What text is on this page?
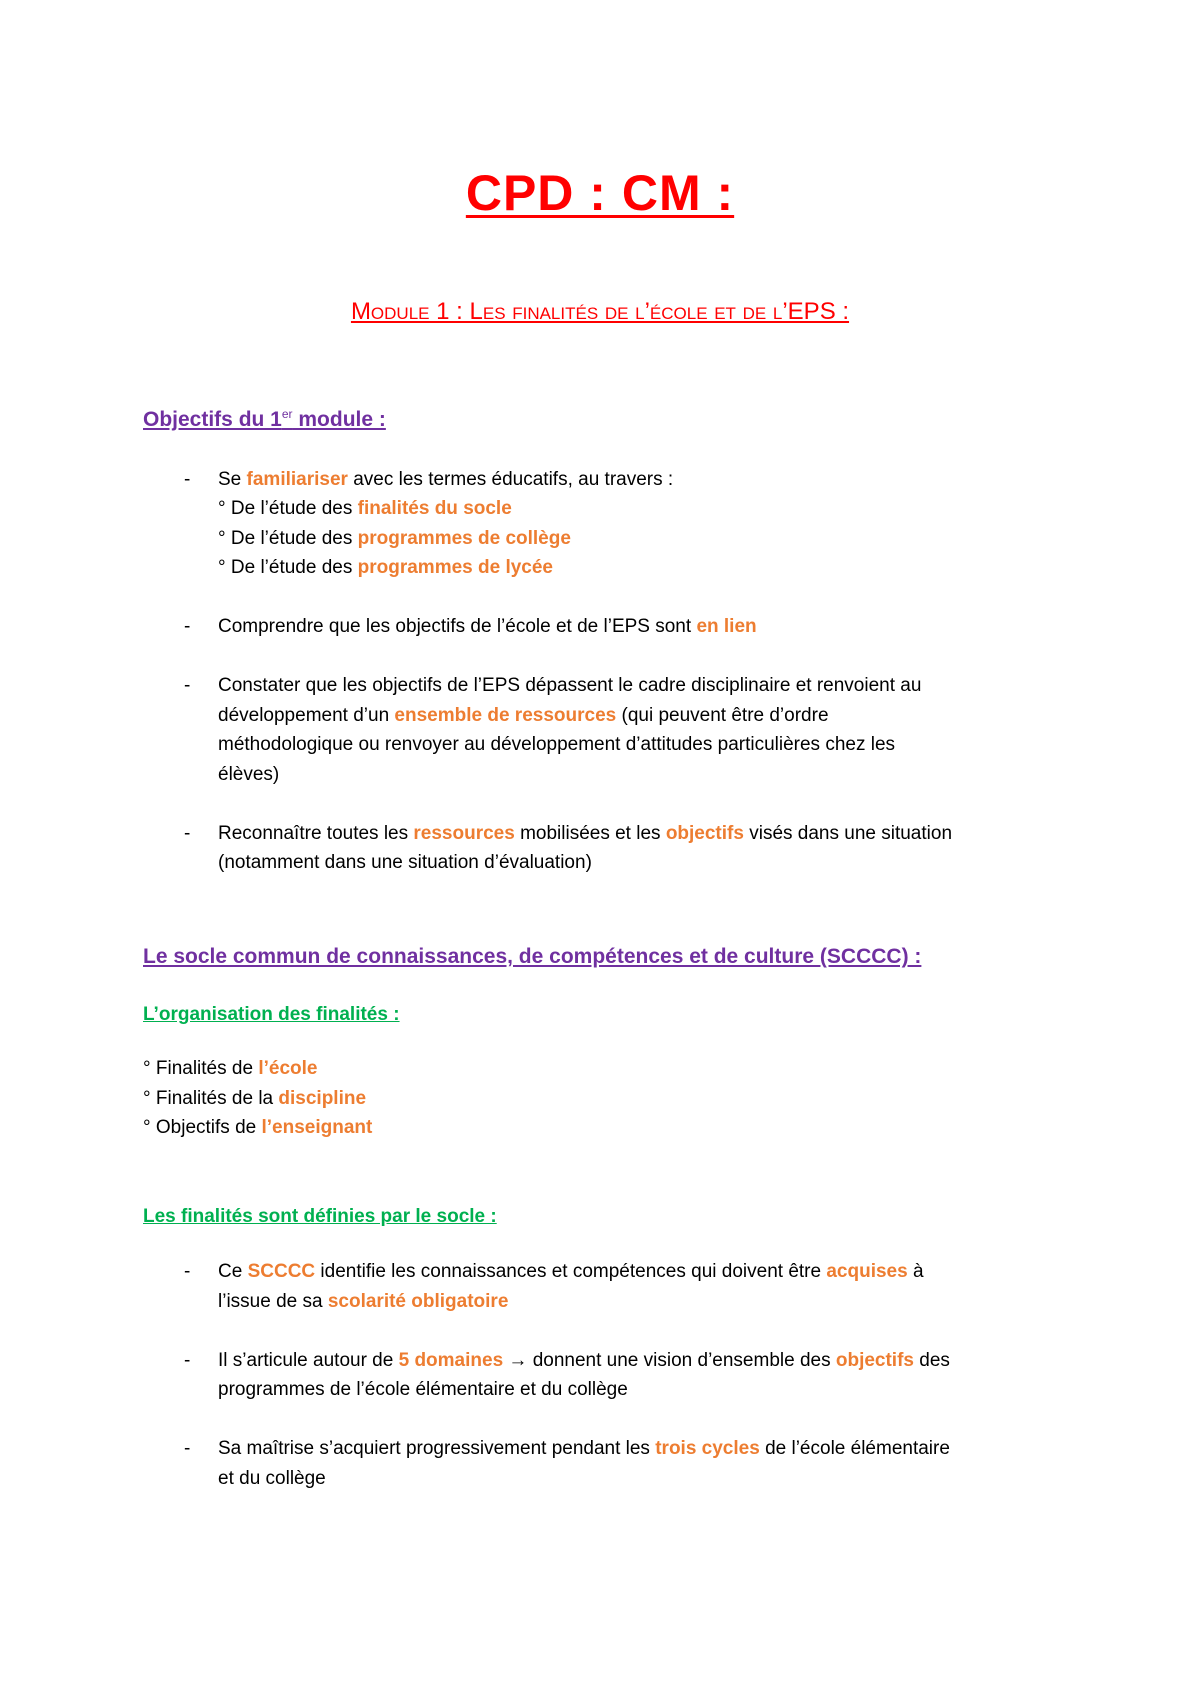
CPD : CM :
Module 1 : Les finalités de l’école et de l’EPS :
Objectifs du 1er module :
- Se familiariser avec les termes éducatifs, au travers :
° De l’étude des finalités du socle
° De l’étude des programmes de collège
° De l’étude des programmes de lycée
- Comprendre que les objectifs de l’école et de l’EPS sont en lien
- Constater que les objectifs de l’EPS dépassent le cadre disciplinaire et renvoient au
développement d’un ensemble de ressources (qui peuvent être d’ordre
méthodologique ou renvoyer au développement d’attitudes particulières chez les
élèves)
- Reconnaître toutes les ressources mobilisées et les objectifs visés dans une situation
(notamment dans une situation d’évaluation)
Le socle commun de connaissances, de compétences et de culture (SCCCC) :
L’organisation des finalités :
° Finalités de l’école
° Finalités de la discipline
° Objectifs de l’enseignant
Les finalités sont définies par le socle :
- Ce SCCCC identifie les connaissances et compétences qui doivent être acquises à
l’issue de sa scolarité obligatoire
- Il s’articule autour de 5 domaines → donnent une vision d’ensemble des objectifs des
programmes de l’école élémentaire et du collège
- Sa maîtrise s’acquiert progressivement pendant les trois cycles de l’école élémentaire
et du collège
